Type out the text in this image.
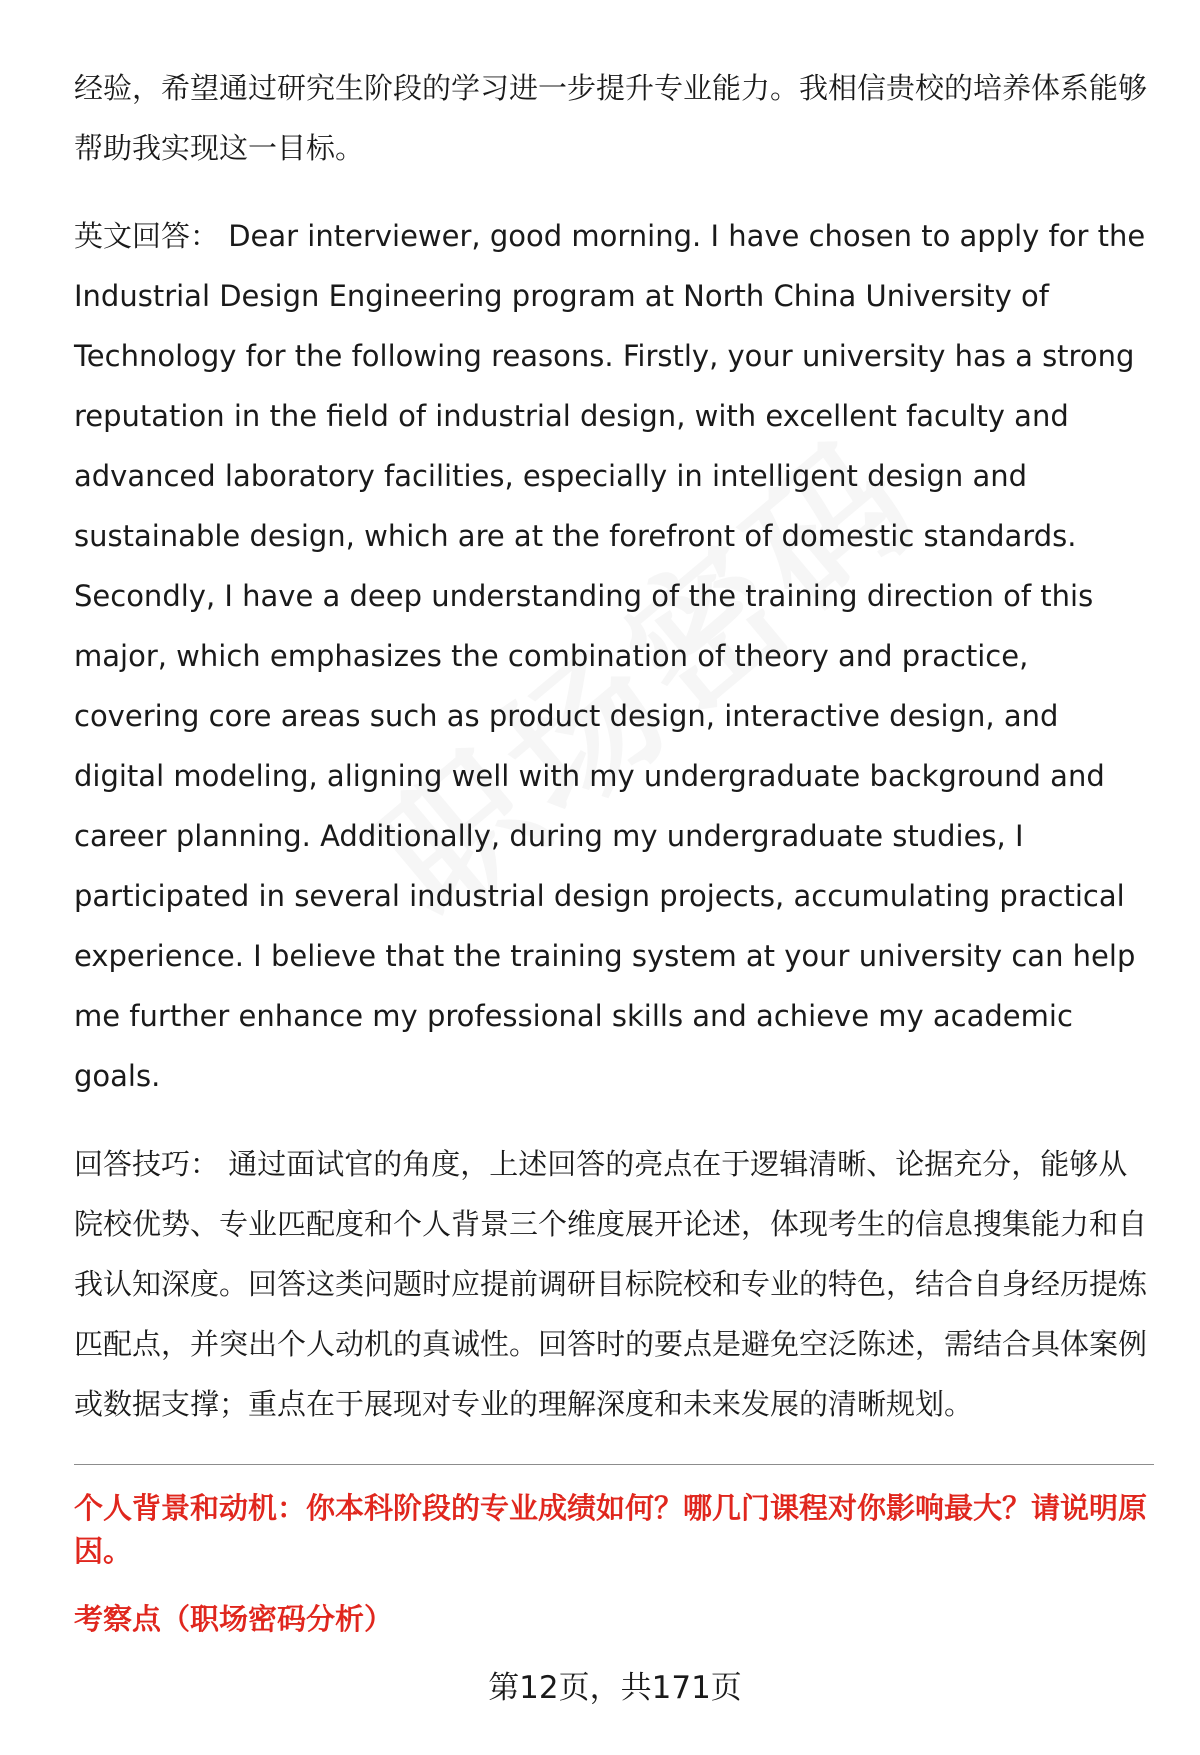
经验，希望通过研究生阶段的学习进一步提升专业能力。我相信贵校的培养体系能够帮助我实现这一目标。

英文回答： Dear interviewer, good morning. I have chosen to apply for the Industrial Design Engineering program at North China University of Technology for the following reasons. Firstly, your university has a strong reputation in the field of industrial design, with excellent faculty and advanced laboratory facilities, especially in intelligent design and sustainable design, which are at the forefront of domestic standards. Secondly, I have a deep understanding of the training direction of this major, which emphasizes the combination of theory and practice, covering core areas such as product design, interactive design, and digital modeling, aligning well with my undergraduate background and career planning. Additionally, during my undergraduate studies, I participated in several industrial design projects, accumulating practical experience. I believe that the training system at your university can help me further enhance my professional skills and achieve my academic goals.

回答技巧： 通过面试官的角度，上述回答的亮点在于逻辑清晰、论据充分，能够从院校优势、专业匹配度和个人背景三个维度展开论述，体现考生的信息搜集能力和自我认知深度。回答这类问题时应提前调研目标院校和专业的特色，结合自身经历提炼匹配点，并突出个人动机的真诚性。回答时的要点是避免空泛陈述，需结合具体案例或数据支撑；重点在于展现对专业的理解深度和未来发展的清晰规划。

个人背景和动机：你本科阶段的专业成绩如何？哪几门课程对你影响最大？请说明原因。

考察点（职场密码分析）

第12页，共171页
